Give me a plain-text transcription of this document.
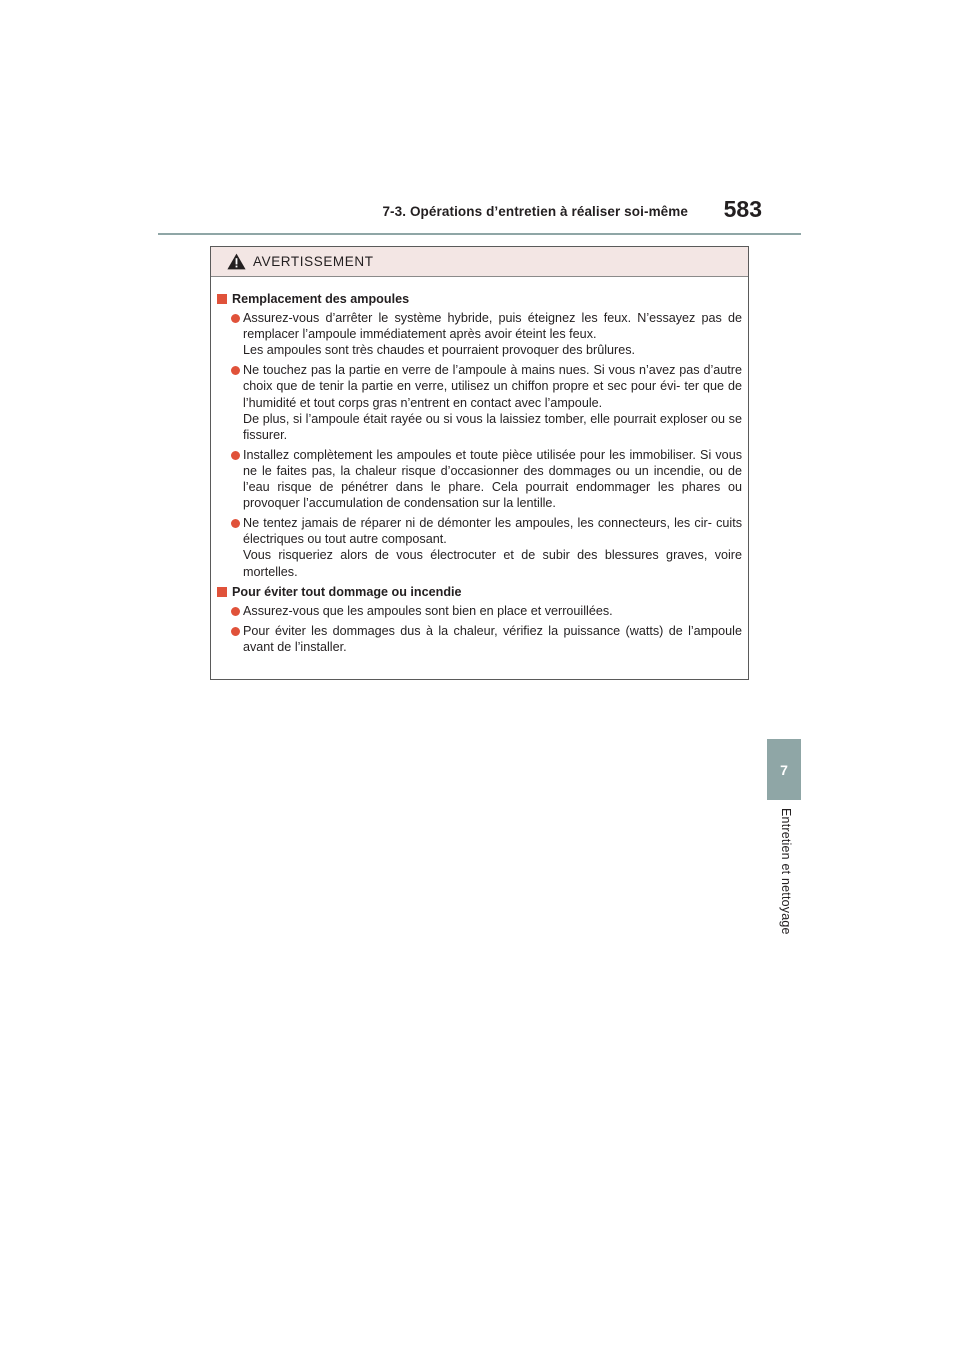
7-3. Opérations d’entretien à réaliser soi-même	583
7
Entretien et nettoyage
AVERTISSEMENT
Remplacement des ampoules
Assurez-vous d’arrêter le système hybride, puis éteignez les feux. N’essayez pas de remplacer l’ampoule immédiatement après avoir éteint les feux.
Les ampoules sont très chaudes et pourraient provoquer des brûlures.
Ne touchez pas la partie en verre de l’ampoule à mains nues. Si vous n’avez pas d’autre choix que de tenir la partie en verre, utilisez un chiffon propre et sec pour évi- ter que de l’humidité et tout corps gras n’entrent en contact avec l’ampoule.
De plus, si l’ampoule était rayée ou si vous la laissiez tomber, elle pourrait exploser ou se fissurer.
Installez complètement les ampoules et toute pièce utilisée pour les immobiliser. Si vous ne le faites pas, la chaleur risque d’occasionner des dommages ou un incendie, ou de l’eau risque de pénétrer dans le phare. Cela pourrait endommager les phares ou provoquer l’accumulation de condensation sur la lentille.
Ne tentez jamais de réparer ni de démonter les ampoules, les connecteurs, les cir- cuits électriques ou tout autre composant.
Vous risqueriez alors de vous électrocuter et de subir des blessures graves, voire mortelles.
Pour éviter tout dommage ou incendie
Assurez-vous que les ampoules sont bien en place et verrouillées.
Pour éviter les dommages dus à la chaleur, vérifiez la puissance (watts) de l’ampoule avant de l’installer.
